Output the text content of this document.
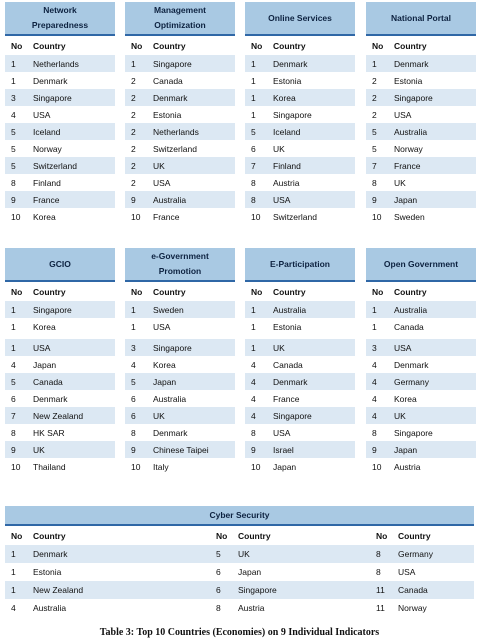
Network
Preparedness
No	Country
1	Netherlands
1	Denmark
3	Singapore
4	USA
5	Iceland
5	Norway
5	Switzerland
8	Finland
9	France
10	Korea
Management
Optimization
No	Country
1	Singapore
2	Canada
2	Denmark
2	Estonia
2	Netherlands
2	Switzerland
2	UK
2	USA
9	Australia
10	France
Online Services
No	Country
1	Denmark
1	Estonia
1	Korea
1	Singapore
5	Iceland
6	UK
7	Finland
8	Austria
8	USA
10	Switzerland
National Portal
No	Country
1	Denmark
2	Estonia
2	Singapore
2	USA
5	Australia
5	Norway
7	France
8	UK
9	Japan
10	Sweden
GCIO
No	Country
1	Singapore
1	Korea
1	USA
4	Japan
5	Canada
6	Denmark
7	New Zealand
8	HK SAR
9	UK
10	Thailand
e-Government
Promotion
No	Country
1	Sweden
1	USA
3	Singapore
4	Korea
5	Japan
6	Australia
6	UK
8	Denmark
9	Chinese Taipei
10	Italy
E-Participation
No	Country
1	Australia
1	Estonia
1	UK
4	Canada
4	Denmark
4	France
4	Singapore
8	USA
9	Israel
10	Japan
Open Government
No	Country
1	Australia
1	Canada
3	USA
4	Denmark
4	Germany
4	Korea
4	UK
8	Singapore
9	Japan
10	Austria
Cyber Security
No	Country	No	Country	No	Country
1	Denmark	5	UK	8	Germany
1	Estonia	6	Japan	8	USA
1	New Zealand	6	Singapore	11	Canada
4	Australia	8	Austria	11	Norway
Table 3: Top 10 Countries (Economies) on 9 Individual Indicators
